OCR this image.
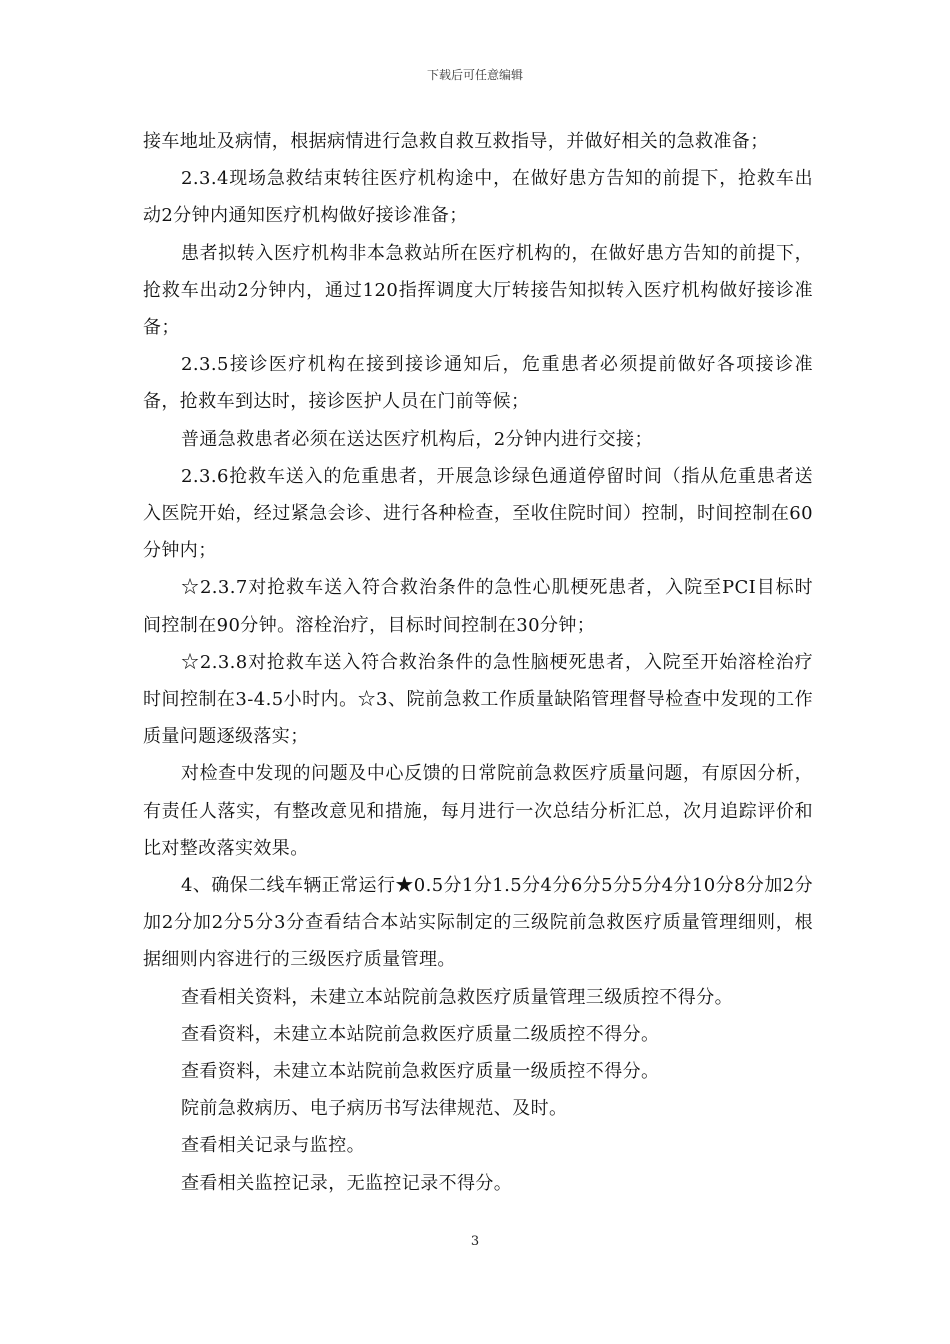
下载后可任意编辑

接车地址及病情，根据病情进行急救自救互救指导，并做好相关的急救准备；

2.3.4现场急救结束转往医疗机构途中，在做好患方告知的前提下，抢救车出动2分钟内通知医疗机构做好接诊准备；

患者拟转入医疗机构非本急救站所在医疗机构的，在做好患方告知的前提下，抢救车出动2分钟内，通过120指挥调度大厅转接告知拟转入医疗机构做好接诊准备；

2.3.5接诊医疗机构在接到接诊通知后，危重患者必须提前做好各项接诊准备，抢救车到达时，接诊医护人员在门前等候；

普通急救患者必须在送达医疗机构后，2分钟内进行交接；

2.3.6抢救车送入的危重患者，开展急诊绿色通道停留时间（指从危重患者送入医院开始，经过紧急会诊、进行各种检查，至收住院时间）控制，时间控制在60分钟内；

☆2.3.7对抢救车送入符合救治条件的急性心肌梗死患者，入院至PCI目标时间控制在90分钟。溶栓治疗，目标时间控制在30分钟；

☆2.3.8对抢救车送入符合救治条件的急性脑梗死患者，入院至开始溶栓治疗时间控制在3-4.5小时内。☆3、院前急救工作质量缺陷管理督导检查中发现的工作质量问题逐级落实；

对检查中发现的问题及中心反馈的日常院前急救医疗质量问题，有原因分析，有责任人落实，有整改意见和措施，每月进行一次总结分析汇总，次月追踪评价和比对整改落实效果。

4、确保二线车辆正常运行★0.5分1分1.5分4分6分5分5分4分10分8分加2分加2分加2分5分3分查看结合本站实际制定的三级院前急救医疗质量管理细则，根据细则内容进行的三级医疗质量管理。

查看相关资料，未建立本站院前急救医疗质量管理三级质控不得分。

查看资料，未建立本站院前急救医疗质量二级质控不得分。

查看资料，未建立本站院前急救医疗质量一级质控不得分。

院前急救病历、电子病历书写法律规范、及时。

查看相关记录与监控。

查看相关监控记录，无监控记录不得分。

3
